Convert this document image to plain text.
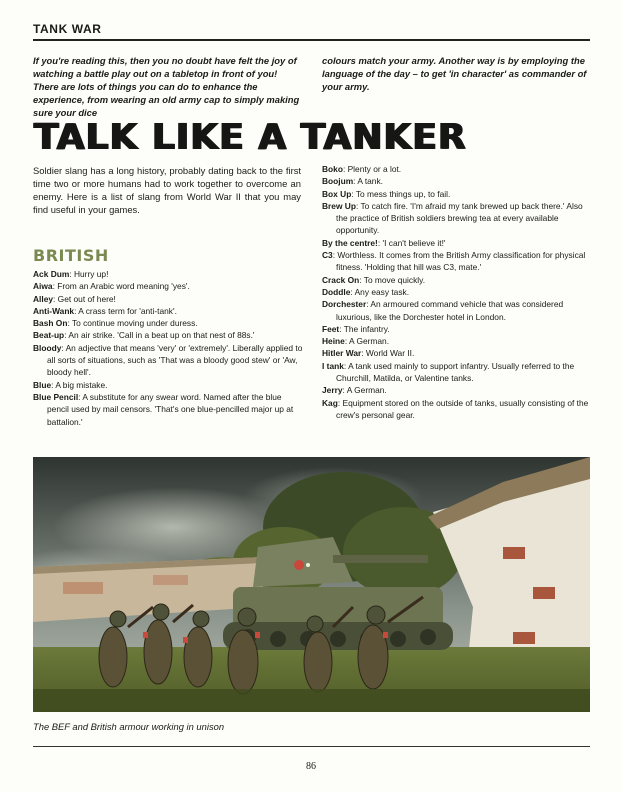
TANK WAR
If you're reading this, then you no doubt have felt the joy of watching a battle play out on a tabletop in front of you! There are lots of things you can do to enhance the experience, from wearing an old army cap to simply making sure your dice
colours match your army. Another way is by employing the language of the day – to get 'in character' as commander of your army.
TALK LIKE A TANKER
Soldier slang has a long history, probably dating back to the first time two or more humans had to work together to overcome an enemy. Here is a list of slang from World War II that you may find useful in your games.
BRITISH
Ack Dum: Hurry up!
Aiwa: From an Arabic word meaning 'yes'.
Alley: Get out of here!
Anti-Wank: A crass term for 'anti-tank'.
Bash On: To continue moving under duress.
Beat-up: An air strike. 'Call in a beat up on that nest of 88s.'
Bloody: An adjective that means 'very' or 'extremely'. Liberally applied to all sorts of situations, such as 'That was a bloody good stew' or 'Aw, bloody hell'.
Blue: A big mistake.
Blue Pencil: A substitute for any swear word. Named after the blue pencil used by mail censors. 'That's one blue-pencilled major up at battalion.'
Boko: Plenty or a lot.
Boojum: A tank.
Box Up: To mess things up, to fail.
Brew Up: To catch fire. 'I'm afraid my tank brewed up back there.' Also the practice of British soldiers brewing tea at every available opportunity.
By the centre!: 'I can't believe it!'
C3: Worthless. It comes from the British Army classification for physical fitness. 'Holding that hill was C3, mate.'
Crack On: To move quickly.
Doddle: Any easy task.
Dorchester: An armoured command vehicle that was considered luxurious, like the Dorchester hotel in London.
Feet: The infantry.
Heine: A German.
Hitler War: World War II.
I tank: A tank used mainly to support infantry. Usually referred to the Churchill, Matilda, or Valentine tanks.
Jerry: A German.
Kag: Equipment stored on the outside of tanks, usually consisting of the crew's personal gear.
The BEF and British armour working in unison
86
